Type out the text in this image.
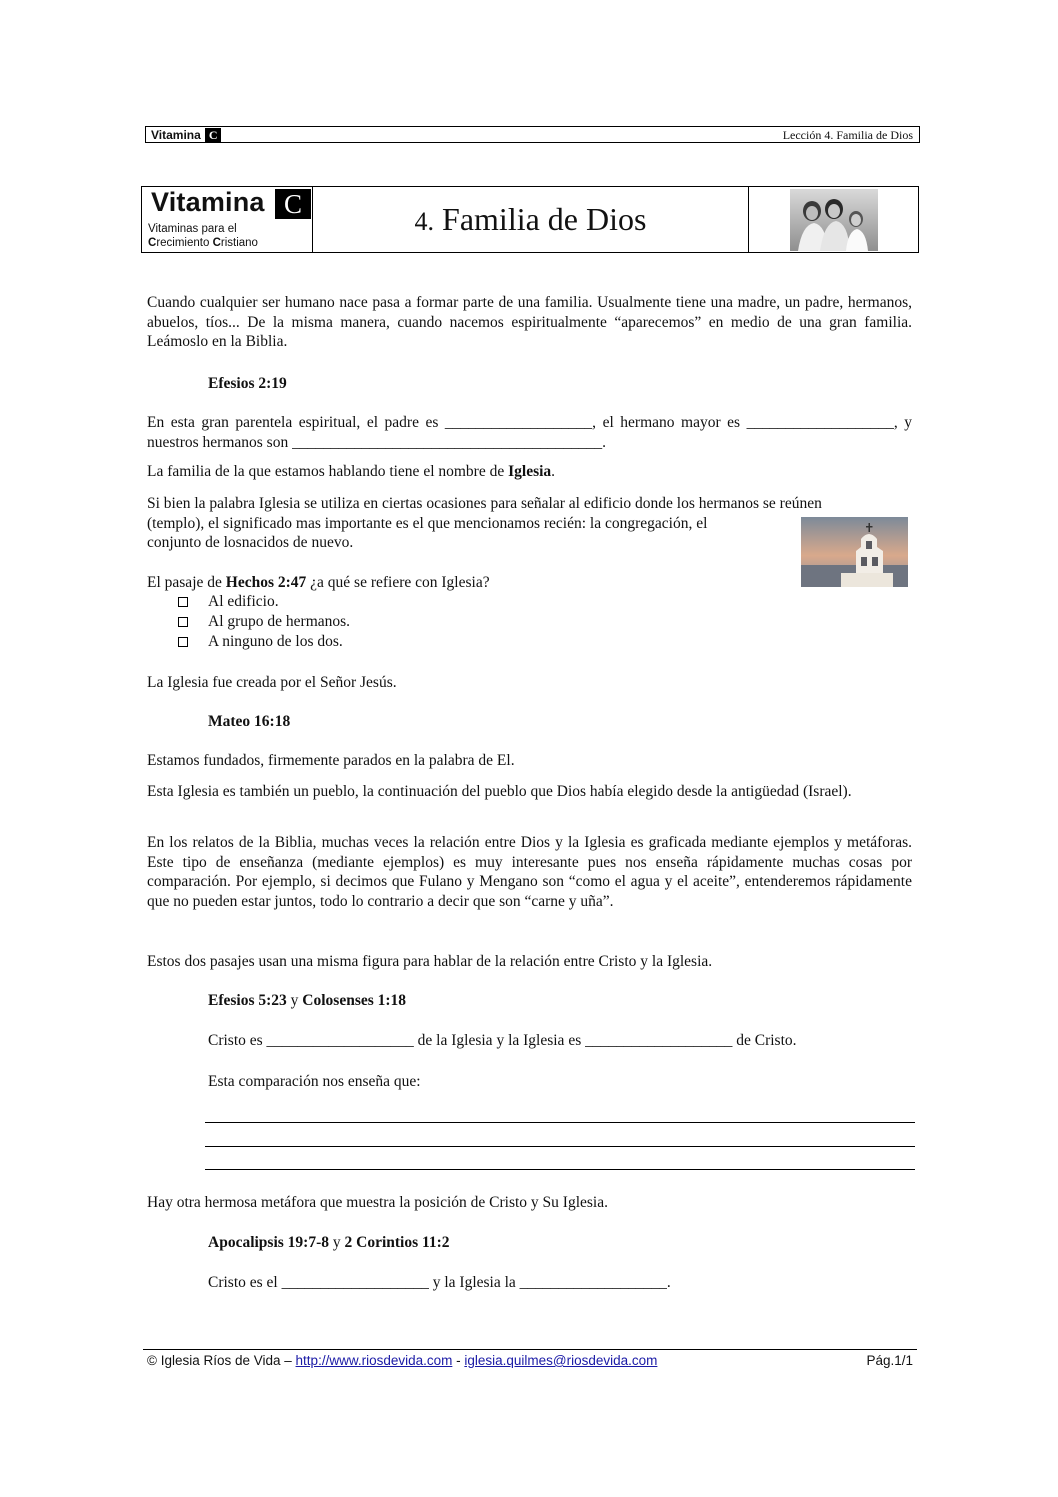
Vitamina C	Lección 4. Familia de Dios
Vitamina C
Vitaminas para el
Crecimiento Cristiano
4. Familia de Dios

Cuando cualquier ser humano nace pasa a formar parte de una familia. Usualmente tiene una madre, un padre, hermanos, abuelos, tíos... De la misma manera, cuando nacemos espiritualmente “aparecemos” en medio de una gran familia. Leámoslo en la Biblia.

Efesios 2:19

En esta gran parentela espiritual, el padre es ___________________, el hermano mayor es ___________________, y nuestros hermanos son ________________________________________.

La familia de la que estamos hablando tiene el nombre de Iglesia.

Si bien la palabra Iglesia se utiliza en ciertas ocasiones para señalar al edificio donde los hermanos se reúnen

(templo), el significado mas importante es el que mencionamos recién: la congregación, el

conjunto de losnacidos de nuevo.

El pasaje de Hechos 2:47 ¿a qué se refiere con Iglesia?

Al edificio.
Al grupo de hermanos.
A ninguno de los dos.

La Iglesia fue creada por el Señor Jesús.

Mateo 16:18

Estamos fundados, firmemente parados en la palabra de El.

Esta Iglesia es también un pueblo, la continuación del pueblo que Dios había elegido desde la antigüedad (Israel).

En los relatos de la Biblia, muchas veces la relación entre Dios y la Iglesia es graficada mediante ejemplos y metáforas. Este tipo de enseñanza (mediante ejemplos) es muy interesante pues nos enseña rápidamente muchas cosas por comparación. Por ejemplo, si decimos que Fulano y Mengano son “como el agua y el aceite”, entenderemos rápidamente que no pueden estar juntos, todo lo contrario a decir que son “carne y uña”.

Estos dos pasajes usan una misma figura para hablar de la relación entre Cristo y la Iglesia.

Efesios 5:23 y Colosenses 1:18

Cristo es ___________________ de la Iglesia y la Iglesia es ___________________ de Cristo.

Esta comparación nos enseña que:

Hay otra hermosa metáfora que muestra la posición de Cristo y Su Iglesia.

Apocalipsis 19:7-8 y 2 Corintios 11:2

Cristo es el ___________________ y la Iglesia la ___________________.

© Iglesia Ríos de Vida – http://www.riosdevida.com - iglesia.quilmes@riosdevida.com	Pág.1/1
